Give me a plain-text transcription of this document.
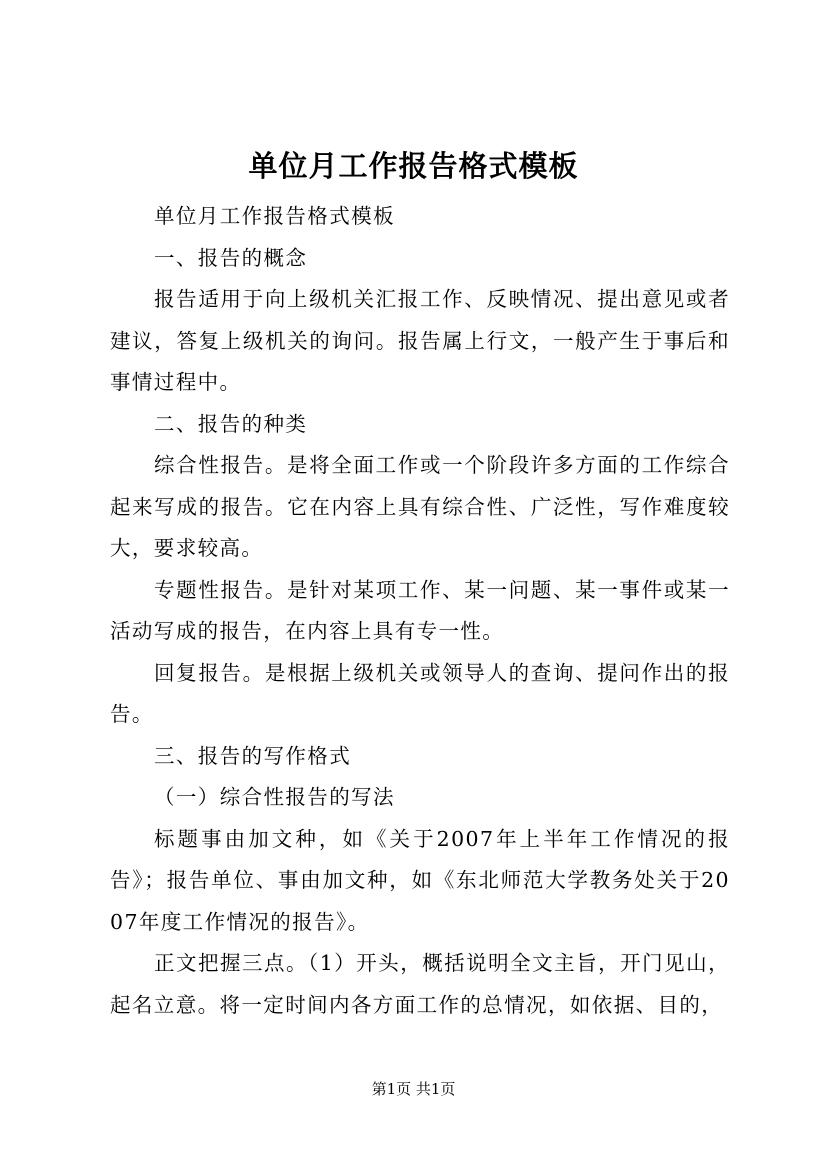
单位月工作报告格式模板

单位月工作报告格式模板

一、报告的概念

报告适用于向上级机关汇报工作、反映情况、提出意见或者建议，答复上级机关的询问。报告属上行文，一般产生于事后和事情过程中。

二、报告的种类

综合性报告。是将全面工作或一个阶段许多方面的工作综合起来写成的报告。它在内容上具有综合性、广泛性，写作难度较大，要求较高。

专题性报告。是针对某项工作、某一问题、某一事件或某一活动写成的报告，在内容上具有专一性。

回复报告。是根据上级机关或领导人的查询、提问作出的报告。

三、报告的写作格式

（一）综合性报告的写法

标题事由加文种，如《关于2007年上半年工作情况的报告》；报告单位、事由加文种，如《东北师范大学教务处关于2007年度工作情况的报告》。

正文把握三点。（1）开头，概括说明全文主旨，开门见山，起名立意。将一定时间内各方面工作的总情况，如依据、目的，

第1页 共1页
